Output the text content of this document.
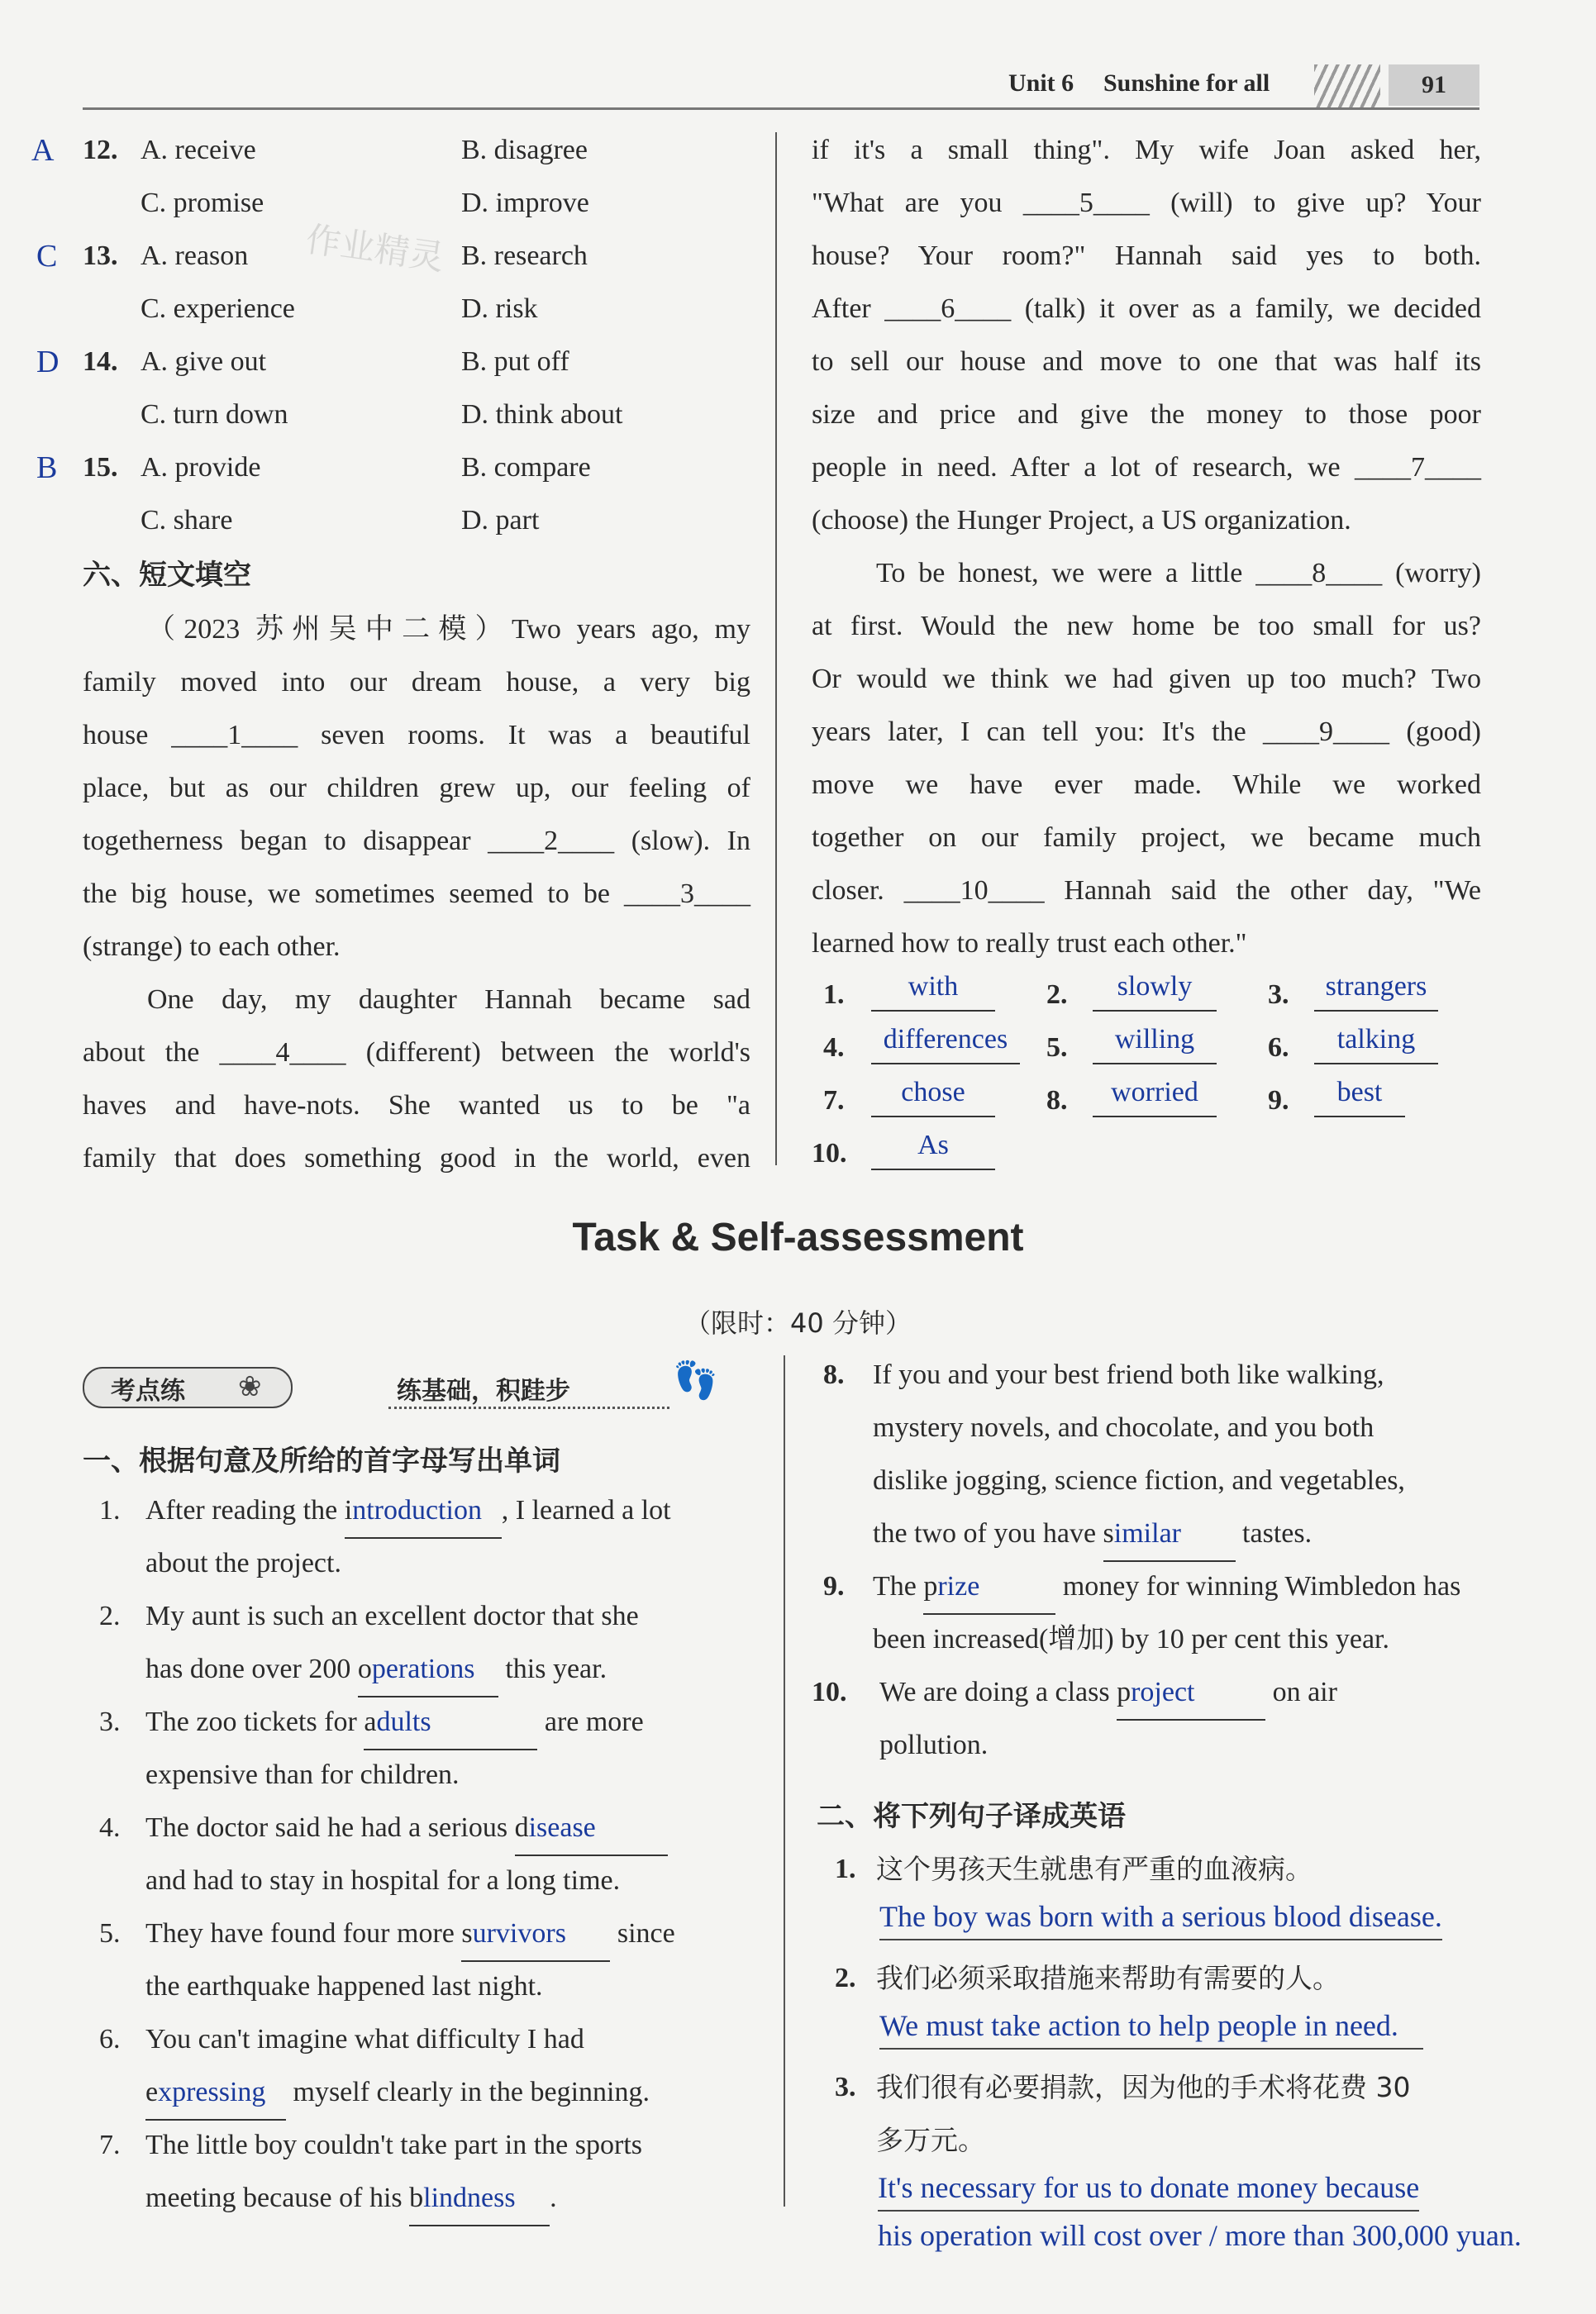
Unit 6 Sunshine for all	91
A 12. A. receive	B. disagree
C. promise	D. improve
C 13. A. reason	B. research
C. experience	D. risk
D 14. A. give out	B. put off
C. turn down	D. think about
B 15. A. provide	B. compare
C. share	D. part
作业精灵
六、短文填空
（2023 苏州吴中二模）Two years ago, my
family moved into our dream house, a very big
house ____1____ seven rooms. It was a beautiful
place, but as our children grew up, our feeling of
togetherness began to disappear ____2____ (slow). In
the big house, we sometimes seemed to be ____3____
(strange) to each other.
One day, my daughter Hannah became sad
about the ____4____ (different) between the world's
haves and have-nots. She wanted us to be "a
family that does something good in the world, even
if it's a small thing". My wife Joan asked her,
"What are you ____5____ (will) to give up? Your
house? Your room?" Hannah said yes to both.
After ____6____ (talk) it over as a family, we decided
to sell our house and move to one that was half its
size and price and give the money to those poor
people in need. After a lot of research, we ____7____
(choose) the Hunger Project, a US organization.
To be honest, we were a little ____8____ (worry)
at first. Would the new home be too small for us?
Or would we think we had given up too much? Two
years later, I can tell you: It's the ____9____ (good)
move we have ever made. While we worked
together on our family project, we became much
closer. ____10____ Hannah said the other day, "We
learned how to really trust each other."
1.	with	2.	slowly	3.	strangers
4.	differences	5.	willing	6.	talking
7.	chose	8.	worried	9.	best
10.	As
Task & Self-assessment
（限时：40 分钟）
考点练 ❀	练基础，积跬步	👣
一、根据句意及所给的首字母写出单词
1. After reading the introduction , I learned a lot
about the project.
2. My aunt is such an excellent doctor that she
has done over 200 operations this year.
3. The zoo tickets for adults	are more
expensive than for children.
4. The doctor said he had a serious disease
and had to stay in hospital for a long time.
5. They have found four more survivors since
the earthquake happened last night.
6. You can't imagine what difficulty I had
expressing myself clearly in the beginning.
7. The little boy couldn't take part in the sports
meeting because of his blindness .
8. If you and your best friend both like walking,
mystery novels, and chocolate, and you both
dislike jogging, science fiction, and vegetables,
the two of you have similar tastes.
9. The prize	money for winning Wimbledon has
been increased(增加) by 10 per cent this year.
10. We are doing a class project	on air
pollution.
二、将下列句子译成英语
1. 这个男孩天生就患有严重的血液病。
The boy was born with a serious blood disease.
2. 我们必须采取措施来帮助有需要的人。
We must take action to help people in need.
3. 我们很有必要捐款，因为他的手术将花费 30
多万元。
It's necessary for us to donate money because
his operation will cost over / more than 300,000 yuan.
